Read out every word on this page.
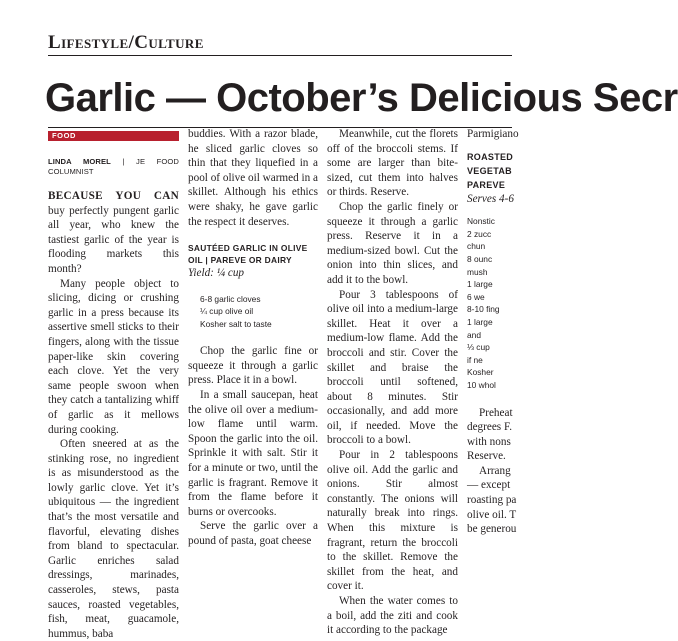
Lifestyle/Culture
Garlic — October’s Delicious Secr
FOOD
LINDA MOREL | JE FOOD COLUMNIST

BECAUSE YOU CAN buy perfectly pungent garlic all year, who knew the tastiest garlic of the year is flooding markets this month?

Many people object to slicing, dicing or crushing garlic in a press because its assertive smell sticks to their fingers, along with the tissue paper-like skin covering each clove. Yet the very same people swoon when they catch a tantalizing whiff of garlic as it mellows during cooking.

Often sneered at as the stinking rose, no ingredient is as misunderstood as the lowly garlic clove. Yet it’s ubiquitous — the ingredient that’s the most versatile and flavorful, elevating dishes from bland to spectacular. Garlic enriches salad dressings, marinades, casseroles, stews, pasta sauces, roasted vegetables, fish, meat, guacamole, hummus, baba

buddies. With a razor blade, he sliced garlic cloves so thin that they liquefied in a pool of olive oil warmed in a skillet. Although his ethics were shaky, he gave garlic the respect it deserves.

SAUTÉED GARLIC IN OLIVE
OIL | PAREVE OR DAIRY
Yield: ¼ cup
6-8 garlic cloves
¼ cup olive oil
Kosher salt to taste

Chop the garlic fine or squeeze it through a garlic press. Place it in a bowl.

In a small saucepan, heat the olive oil over a medium-low flame until warm. Spoon the garlic into the oil. Sprinkle it with salt. Stir it for a minute or two, until the garlic is fragrant. Remove it from the flame before it burns or overcooks.

Serve the garlic over a pound of pasta, goat cheese

Meanwhile, cut the florets off of the broccoli stems. If some are larger than bite-sized, cut them into halves or thirds. Reserve.

Chop the garlic finely or squeeze it through a garlic press. Reserve it in a medium-sized bowl. Cut the onion into thin slices, and add it to the bowl.

Pour 3 tablespoons of olive oil into a medium-large skillet. Heat it over a medium-low flame. Add the broccoli and stir. Cover the skillet and braise the broccoli until softened, about 8 minutes. Stir occasionally, and add more oil, if needed. Move the broccoli to a bowl.

Pour in 2 tablespoons olive oil. Add the garlic and onions. Stir almost constantly. The onions will naturally break into rings. When this mixture is fragrant, return the broccoli to the skillet. Remove the skillet from the heat, and cover it.

When the water comes to a boil, add the ziti and cook it according to the package

Parmigiano
ROASTED
VEGETAB
PAREVE
Serves 4-6
Nonstic
2 zucc
chun
8 ounc
mush
1 large
6 we
8-10 fing
1 large
and
⅓ cup
if ne
Kosher
10 whol
Preheat
degrees F.
with nons
Reserve.
Arrang
— except
roasting pa
olive oil. T
be generou
